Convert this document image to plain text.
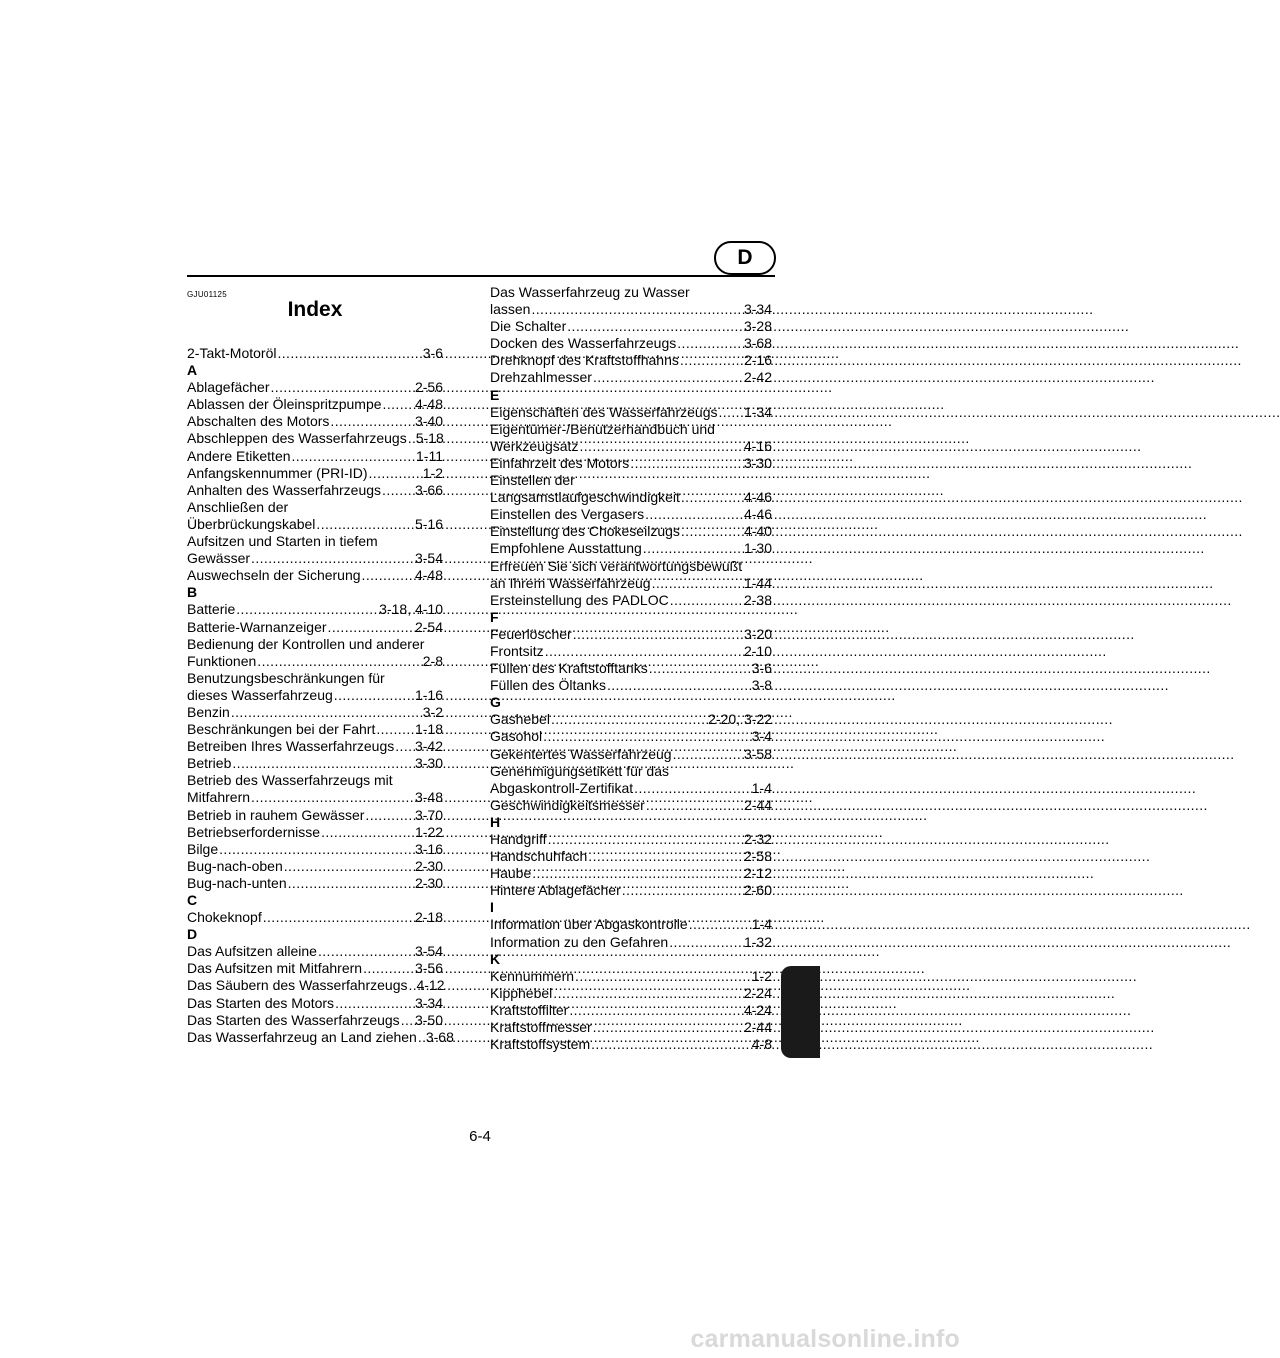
D
GJU01125
Index
2-Takt-Motoröl .....	3-6
A
Ablagefächer .....	2-56
Ablassen der Öleinspritzpumpe ..... 4-48
Abschalten des Motors .....	3-40
Abschleppen des Wasserfahrzeugs ..... 5-18
Andere Etiketten .....	1-11
Anfangskennummer (PRI-ID) .....	1-2
Anhalten des Wasserfahrzeugs ..... 3-66
Anschließen der
Überbrückungskabel .....	5-16
Aufsitzen und Starten in tiefem
Gewässer .....	3-54
Auswechseln der Sicherung .....	4-48
B
Batterie .....	3-18, 4-10
Batterie-Warnanzeiger .....	2-54
Bedienung der Kontrollen und anderer
Funktionen .....	2-8
Benutzungsbeschränkungen für
dieses Wasserfahrzeug .....	1-16
Benzin .....	3-2
Beschränkungen bei der Fahrt .....	1-18
Betreiben Ihres Wasserfahrzeugs ..... 3-42
Betrieb .....	3-30
Betrieb des Wasserfahrzeugs mit
Mitfahrern .....	3-48
Betrieb in rauhem Gewässer .....	3-70
Betriebserfordernisse .....	1-22
Bilge .....	3-16
Bug-nach-oben .....	2-30
Bug-nach-unten .....	2-30
C
Chokeknopf .....	2-18
D
Das Aufsitzen alleine .....	3-54
Das Aufsitzen mit Mitfahrern .....	3-56
Das Säubern des Wasserfahrzeugs ..... 4-12
Das Starten des Motors .....	3-34
Das Starten des Wasserfahrzeugs ..... 3-50
Das Wasserfahrzeug an Land ziehen ..... 3-68
Das Wasserfahrzeug zu Wasser
lassen .....	3-34
Die Schalter .....	3-28
Docken des Wasserfahrzeugs .....	3-68
Drehknopf des Kraftstoffhahns .....	2-16
Drehzahlmesser .....	2-42
E
Eigenschaften des Wasserfahrzeugs ..... 1-34
Eigentümer-/Benutzerhandbuch und
Werkzeugsatz .....	4-16
Einfahrzeit des Motors .....	3-30
Einstellen der
Langsamstlaufgeschwindigkeit .....	4-46
Einstellen des Vergasers .....	4-46
Einstellung des Chokeseilzugs .....	4-40
Empfohlene Ausstattung .....	1-30
Erfreuen Sie sich verantwortungsbewußt
an Ihrem Wasserfahrzeug .....	1-44
Ersteinstellung des PADLOC .....	2-38
F
Feuerlöscher .....	3-20
Frontsitz .....	2-10
Füllen des Kraftstofftanks .....	3-6
Füllen des Öltanks .....	3-8
G
Gashebel .....	2-20, 3-22
Gasohol .....	3-4
Gekentertes Wasserfahrzeug .....	3-58
Genehmigungsetikett für das
Abgaskontroll-Zertifikat .....	1-4
Geschwindigkeitsmesser .....	2-44
H
Handgriff .....	2-32
Handschuhfach .....	2-58
Haube .....	2-12
Hintere Ablagefächer .....	2-60
I
Information über Abgaskontrolle .....	1-4
Information zu den Gefahren .....	1-32
K
Kennummern .....	1-2
Kipphebel .....	2-24
Kraftstoffilter .....	4-24
Kraftstoffmesser .....	2-44
Kraftstoffsystem .....	4-8
6-4
carmanualsonline.info
